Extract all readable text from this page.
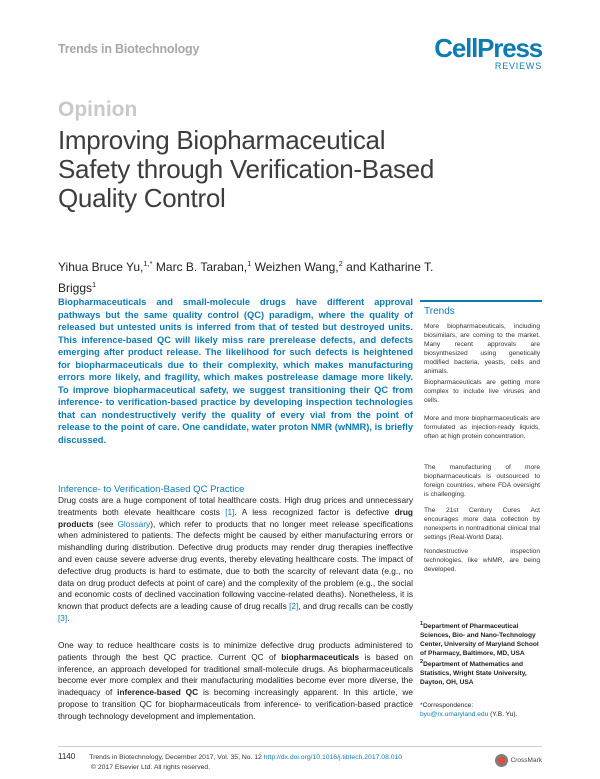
Trends in Biotechnology	CellPress
REVIEWS
Opinion
Improving Biopharmaceutical Safety through Verification-Based Quality Control
Yihua Bruce Yu,$^{1,*}$ Marc B. Taraban,$^1$ Weizhen Wang,$^2$ and Katharine T. Briggs$^1$

Biopharmaceuticals and small-molecule drugs have different approval pathways but the same quality control (QC) paradigm, where the quality of released but untested units is inferred from that of tested but destroyed units. This inference-based QC will likely miss rare prerelease defects, and defects emerging after product release. The likelihood for such defects is heightened for biopharmaceuticals due to their complexity, which makes manufacturing errors more likely, and fragility, which makes postrelease damage more likely. To improve biopharmaceutical safety, we suggest transitioning their QC from inference- to verification-based practice by developing inspection technologies that can nondestructively verify the quality of every vial from the point of release to the point of care. One candidate, water proton NMR (wNMR), is briefly discussed.

Inference- to Verification-Based QC Practice

Drug costs are a huge component of total healthcare costs. High drug prices and unnecessary treatments both elevate healthcare costs [1]. A less recognized factor is defective drug products (see Glossary), which refer to products that no longer meet release specifications when administered to patients. The defects might be caused by either manufacturing errors or mishandling during distribution. Defective drug products may render drug therapies ineffective and even cause severe adverse drug events, thereby elevating healthcare costs. The impact of defective drug products is hard to estimate, due to both the scarcity of relevant data (e.g., no data on drug product defects at point of care) and the complexity of the problem (e.g., the social and economic costs of declined vaccination following vaccine-related deaths). Nonetheless, it is known that product defects are a leading cause of drug recalls [2], and drug recalls can be costly [3].

One way to reduce healthcare costs is to minimize defective drug products administered to patients through the best QC practice. Current QC of biopharmaceuticals is based on inference, an approach developed for traditional small-molecule drugs. As biopharmaceuticals become ever more complex and their manufacturing modalities become ever more diverse, the inadequacy of inference-based QC is becoming increasingly apparent. In this article, we propose to transition QC for biopharmaceuticals from inference- to verification-based practice through technology development and implementation.

Trends

More biopharmaceuticals, including biosimilars, are coming to the market. Many recent approvals are biosynthesized using genetically modified bacteria, yeasts, cells and animals.

Biopharmaceuticals are getting more complex to include live viruses and cells.

More and more biopharmaceuticals are formulated as injection-ready liquids, often at high protein concentration.

The manufacturing of more biopharmaceuticals is outsourced to foreign countries, where FDA oversight is challenging.

The 21st Century Cures Act encourages more data collection by nonexperts in nontraditional clinical trial settings (Real-World Data).

Nondestructive inspection technologies, like wNMR, are being developed.

$^1$Department of Pharmaceutical Sciences, Bio- and Nano-Technology Center, University of Maryland School of Pharmacy, Baltimore, MD, USA

$^2$Department of Mathematics and Statistics, Wright State University, Dayton, OH, USA

*Correspondence:
byu@rx.umaryland.edu (Y.B. Yu).

1140 Trends in Biotechnology, December 2017, Vol. 35, No. 12 http://dx.doi.org/10.1016/j.tibtech.2017.08.010
© 2017 Elsevier Ltd. All rights reserved.
CrossMark
